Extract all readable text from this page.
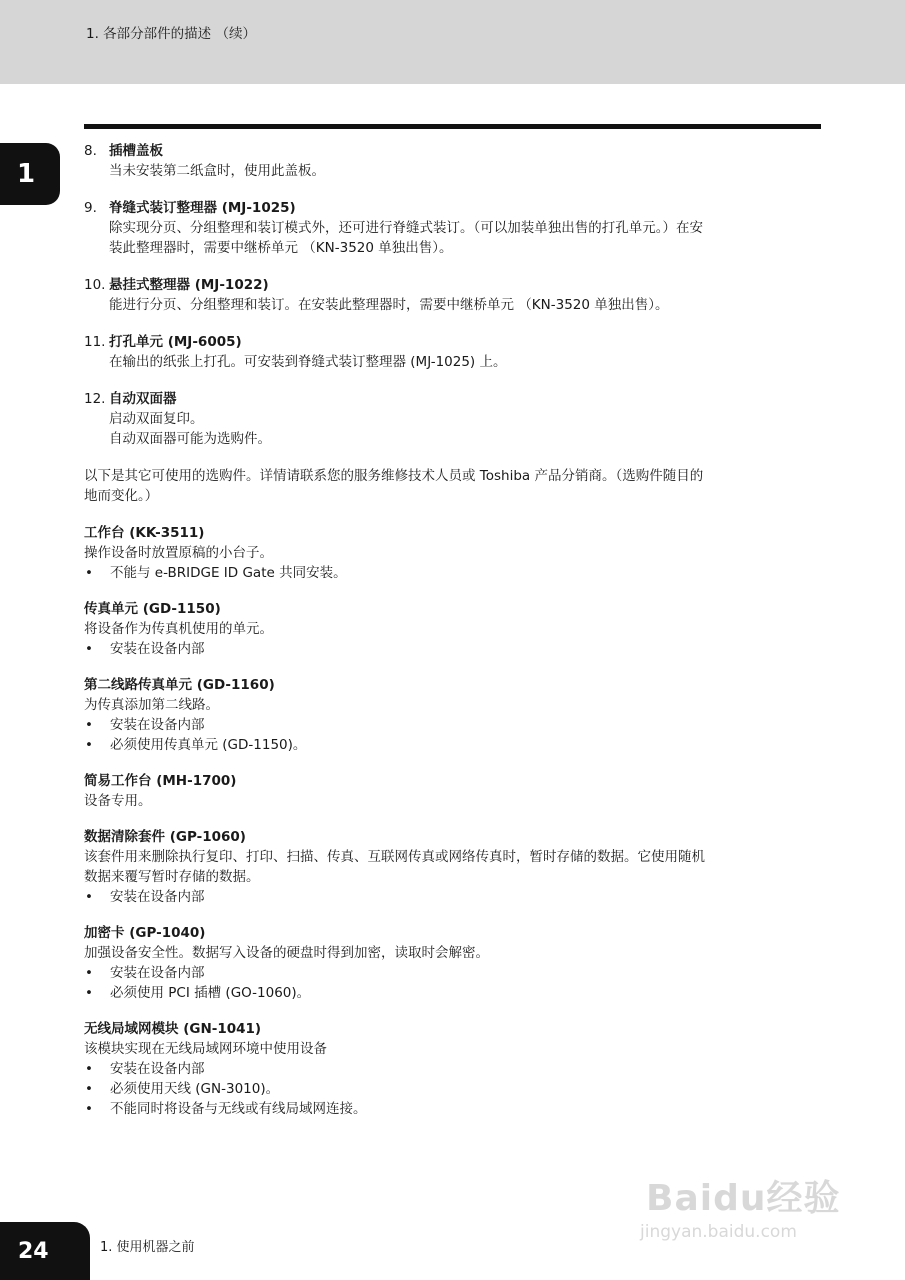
1. 各部分部件的描述 （续）
1
8. 插槽盖板
当未安装第二纸盒时，使用此盖板。
9. 脊缝式装订整理器 (MJ-1025)
除实现分页、分组整理和装订模式外，还可进行脊缝式装订。（可以加装单独出售的打孔单元。）在安
装此整理器时，需要中继桥单元 （KN-3520 单独出售）。
10. 悬挂式整理器 (MJ-1022)
能进行分页、分组整理和装订。在安装此整理器时，需要中继桥单元 （KN-3520 单独出售）。
11. 打孔单元 (MJ-6005)
在输出的纸张上打孔。可安装到脊缝式装订整理器 (MJ-1025) 上。
12. 自动双面器
启动双面复印。
自动双面器可能为选购件。
以下是其它可使用的选购件。详情请联系您的服务维修技术人员或 Toshiba 产品分销商。（选购件随目的
地而变化。）
工作台 (KK-3511)
操作设备时放置原稿的小台子。
•	不能与 e-BRIDGE ID Gate 共同安装。
传真单元 (GD-1150)
将设备作为传真机使用的单元。
•	安装在设备内部
第二线路传真单元 (GD-1160)
为传真添加第二线路。
•	安装在设备内部
•	必须使用传真单元 (GD-1150)。
简易工作台 (MH-1700)
设备专用。
数据清除套件 (GP-1060)
该套件用来删除执行复印、打印、扫描、传真、互联网传真或网络传真时，暂时存储的数据。它使用随机
数据来覆写暂时存储的数据。
•	安装在设备内部
加密卡 (GP-1040)
加强设备安全性。数据写入设备的硬盘时得到加密，读取时会解密。
•	安装在设备内部
•	必须使用 PCI 插槽 (GO-1060)。
无线局域网模块 (GN-1041)
该模块实现在无线局域网环境中使用设备
•	安装在设备内部
•	必须使用天线 (GN-3010)。
•	不能同时将设备与无线或有线局域网连接。
24	1. 使用机器之前
Baidu经验
jingyan.baidu.com
